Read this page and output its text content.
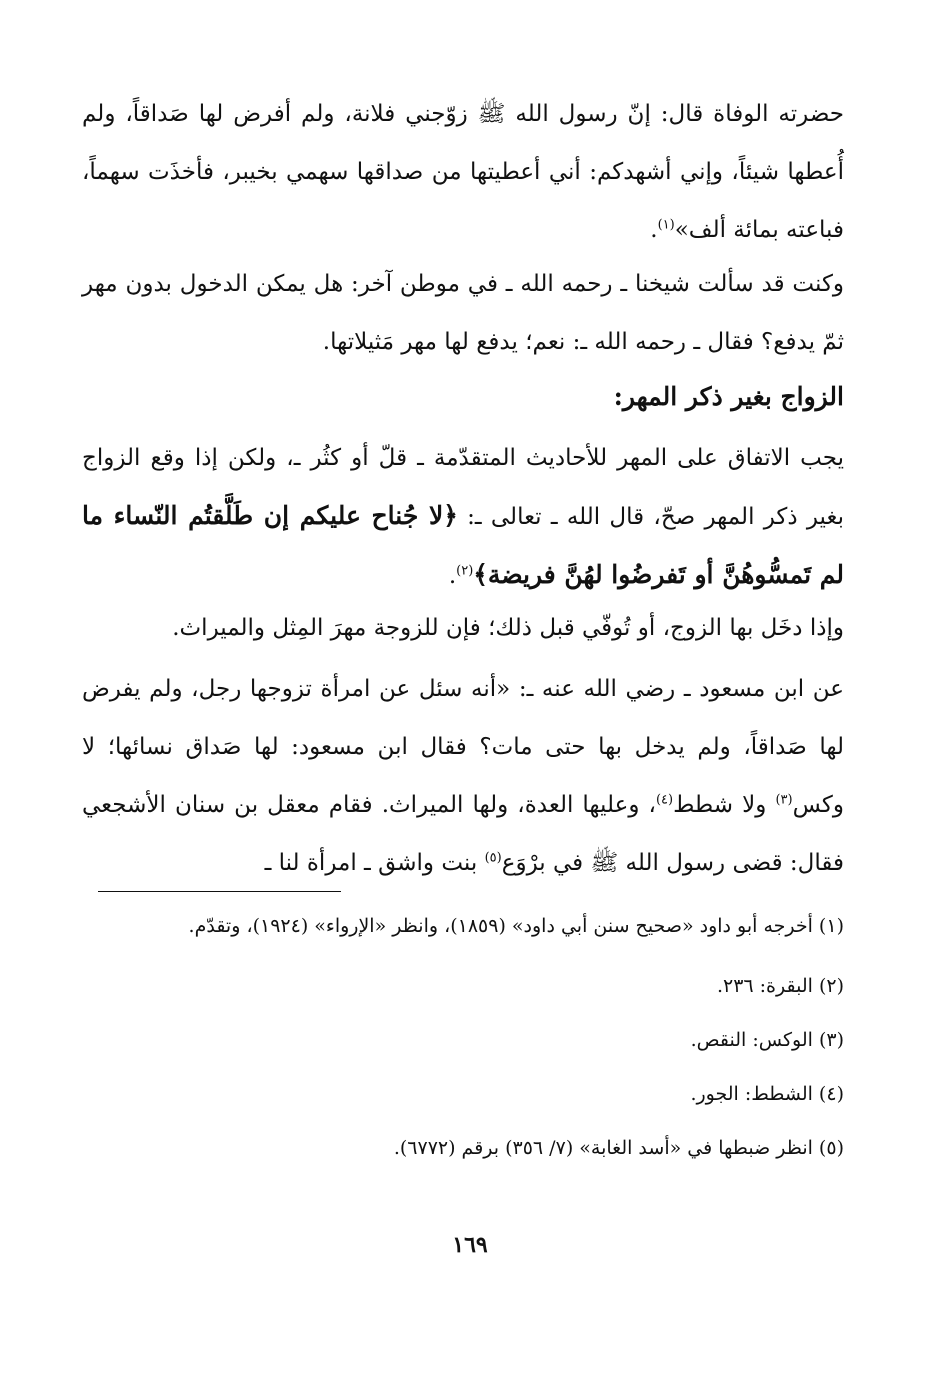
حضرته الوفاة قال: إنّ رسول الله ﷺ زوّجني فلانة، ولم أفرض لها صَداقاً، ولم أُعطها شيئاً، وإني أشهدكم: أني أعطيتها من صداقها سهمي بخيبر، فأخذَت سهماً، فباعته بمائة ألف»$^{(١)}$.

وكنت قد سألت شيخنا ـ رحمه الله ـ في موطن آخر: هل يمكن الدخول بدون مهر ثمّ يدفع؟ فقال ـ رحمه الله ـ: نعم؛ يدفع لها مهر مَثيلاتها.

الزواج بغير ذكر المهر:

يجب الاتفاق على المهر للأحاديث المتقدّمة ـ قلّ أو كثُر ـ، ولكن إذا وقع الزواج بغير ذكر المهر صحّ، قال الله ـ تعالى ـ: ﴿لا جُناح عليكم إن طَلَّقتُم النّساء ما لم تَمسُّوهُنَّ أو تَفرضُوا لهُنَّ فريضة﴾$^{(٢)}$.

وإذا دخَل بها الزوج، أو تُوفّي قبل ذلك؛ فإن للزوجة مهرَ المِثل والميراث.

عن ابن مسعود ـ رضي الله عنه ـ: «أنه سئل عن امرأة تزوجها رجل، ولم يفرض لها صَداقاً، ولم يدخل بها حتى مات؟ فقال ابن مسعود: لها صَداق نسائها؛ لا وكس$^{(٣)}$ ولا شطط$^{(٤)}$، وعليها العدة، ولها الميراث. فقام معقل بن سنان الأشجعي فقال: قضى رسول الله ﷺ في برْوَع$^{(٥)}$ بنت واشق ـ امرأة لنا ـ

(١) أخرجه أبو داود «صحيح سنن أبي داود» (١٨٥٩)، وانظر «الإرواء» (١٩٢٤)، وتقدّم.

(٢) البقرة: ٢٣٦.

(٣) الوكس: النقص.

(٤) الشطط: الجور.

(٥) انظر ضبطها في «أسد الغابة» (٧/ ٣٥٦) برقم (٦٧٧٢).

١٦٩
